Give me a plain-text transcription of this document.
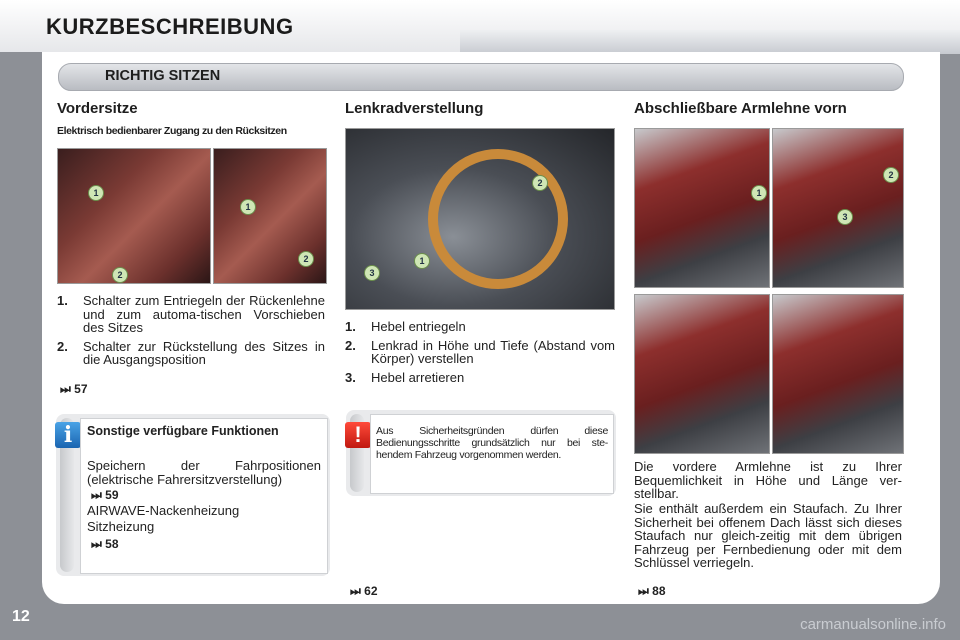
KURZBESCHREIBUNG
RICHTIG SITZEN
Vordersitze
Elektrisch bedienbarer Zugang zu den Rücksitzen
1
2
1
2
1. Schalter zum Entriegeln der Rückenlehne und zum automa-tischen Vorschieben des Sitzes
2. Schalter zur Rückstellung des Sitzes in die Ausgangsposition
⏭ 57
i	Sonstige verfügbare Funktionen
Speichern der Fahrpositionen (elektrische Fahrersitzverstellung)
⏭ 59
AIRWAVE-Nackenheizung
Sitzheizung
⏭ 58
Lenkradverstellung
1
2
3
1. Hebel entriegeln
2. Lenkrad in Höhe und Tiefe (Abstand vom Körper) verstellen
3. Hebel arretieren
!	Aus Sicherheitsgründen dürfen diese Bedienungsschritte grundsätzlich nur bei ste-hendem Fahrzeug vorgenommen werden.
⏭ 62
Abschließbare Armlehne vorn
1
2
3
Die vordere Armlehne ist zu Ihrer Bequemlichkeit in Höhe und Länge ver-stellbar.
Sie enthält außerdem ein Staufach. Zu Ihrer Sicherheit bei offenem Dach lässt sich dieses Staufach nur gleich-zeitig mit dem übrigen Fahrzeug per Fernbedienung oder mit dem Schlüssel verriegeln.
⏭ 88
12	carmanualsonline.info
